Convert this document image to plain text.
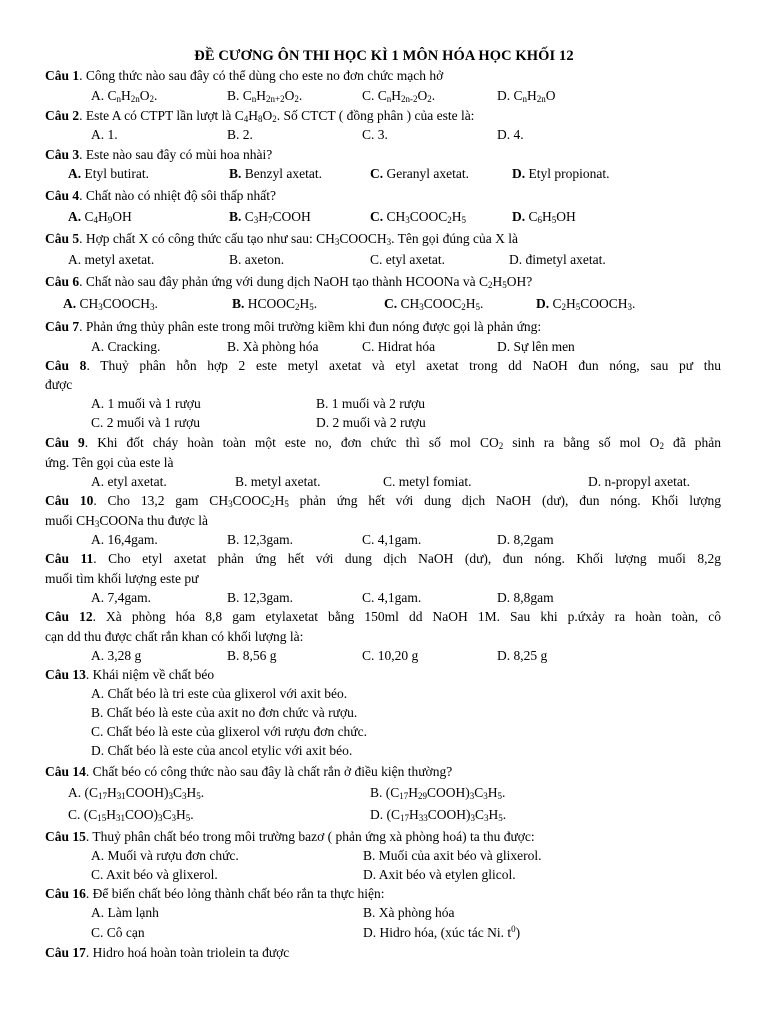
ĐỀ CƯƠNG ÔN THI HỌC KÌ 1 MÔN HÓA HỌC KHỐI 12
Câu 1. Công thức nào sau đây có thể dùng cho este no đơn chức mạch hở
A. $C_nH_{2n}O_2$.	B. $C_nH_{2n+2}O_2$.	C. $C_nH_{2n-2}O_2$.	D. $C_nH_{2n}O$
Câu 2. Este A có CTPT lần lượt là $C_4H_8O_2$. Số CTCT ( đồng phân ) của este là:
A. 1.	B. 2.	C. 3.	D. 4.
Câu 3. Este nào sau đây có mùi hoa nhài?
A. Etyl butirat.	B. Benzyl axetat.	C. Geranyl axetat.	D. Etyl propionat.
Câu 4. Chất nào có nhiệt độ sôi thấp nhất?
A. $C_4H_9OH$	B. $C_3H_7COOH$	C. $CH_3COOC_2H_5$	D. $C_6H_5OH$
Câu 5. Hợp chất X có công thức cấu tạo như sau: $CH_3COOCH_3$. Tên gọi đúng của X là
A. metyl axetat.	B. axeton.	C. etyl axetat.	D. đimetyl axetat.
Câu 6. Chất nào sau đây phản ứng với dung dịch NaOH tạo thành HCOONa và $C_2H_5OH$?
A. $CH_3COOCH_3$.	B. $HCOOC_2H_5$.	C. $CH_3COOC_2H_5$.	D. $C_2H_5COOCH_3$.
Câu 7. Phản ứng thủy phân este trong môi trường kiềm khi đun nóng được gọi là phản ứng:
A. Cracking.	B. Xà phòng hóa	C. Hidrat hóa	D. Sự lên men
Câu 8. Thuỷ phân hỗn hợp 2 este metyl axetat và etyl axetat trong dd NaOH đun nóng, sau pư thu
được
A. 1 muối và 1 rượu	B. 1 muối và 2 rượu
C. 2 muối và 1 rượu	D. 2 muối và 2 rượu
Câu 9. Khi đốt cháy hoàn toàn một este no, đơn chức thì số mol $CO_2$ sinh ra bằng số mol $O_2$ đã phản
ứng. Tên gọi của este là
A. etyl axetat.	B. metyl axetat.	C. metyl fomiat.	D. n-propyl axetat.
Câu 10. Cho 13,2 gam $CH_3COOC_2H_5$ phản ứng hết với dung dịch NaOH (dư), đun nóng. Khối lượng
muối $CH_3COONa$ thu được là
A. 16,4gam.	B. 12,3gam.	C. 4,1gam.	D. 8,2gam
Câu 11. Cho etyl axetat phản ứng hết với dung dịch NaOH (dư), đun nóng. Khối lượng muối 8,2g
muối tìm khối lượng este pư
A. 7,4gam.	B. 12,3gam.	C. 4,1gam.	D. 8,8gam
Câu 12. Xà phòng hóa 8,8 gam etylaxetat bằng 150ml dd NaOH 1M. Sau khi p.ứxảy ra hoàn toàn, cô
cạn dd thu được chất rắn khan có khối lượng là:
A. 3,28 g	B. 8,56 g	C. 10,20 g	D. 8,25 g
Câu 13. Khái niệm về chất béo
A. Chất béo là tri este của glixerol với axit béo.
B. Chất béo là este của axit no đơn chức và rượu.
C. Chất béo là este của glixerol với rượu đơn chức.
D. Chất béo là este của ancol etylic với axit béo.
Câu 14. Chất béo có công thức nào sau đây là chất rắn ở điều kiện thường?
A. $(C_{17}H_{31}COOH)_3C_3H_5$.	B. $(C_{17}H_{29}COOH)_3C_3H_5$.
C. $(C_{15}H_{31}COO)_3C_3H_5$.	D. $(C_{17}H_{33}COOH)_3C_3H_5$.
Câu 15. Thuỷ phân chất béo trong môi trường bazơ ( phản ứng xà phòng hoá) ta thu được:
A. Muối và rượu đơn chức.	B. Muối của axit béo và glixerol.
C. Axit béo và glixerol.	D. Axit béo và etylen glicol.
Câu 16. Để biến chất béo lỏng thành chất béo rắn ta thực hiện:
A. Làm lạnh	B. Xà phòng hóa
C. Cô cạn	D. Hidro hóa, (xúc tác Ni. $t^0$)
Câu 17. Hidro hoá hoàn toàn triolein ta được
